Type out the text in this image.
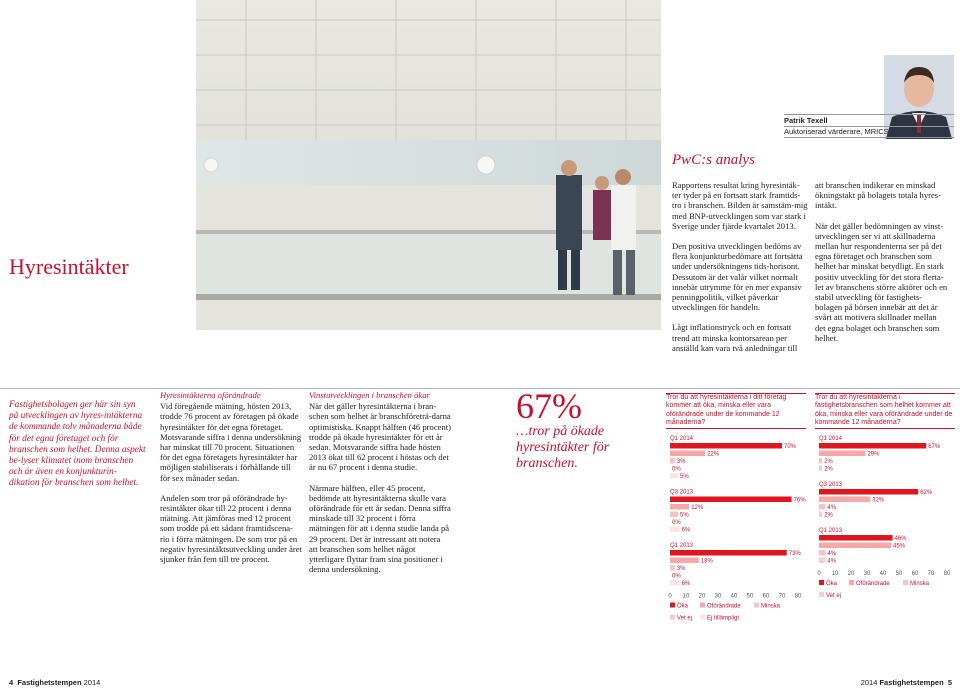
Patrik Texell
Auktoriserad värderare, MRICS
Hyresintäkter
PwC:s analys

Rapportens resultat kring hyresintäk-ter tyder på en fortsatt stark framtids-tro i branschen. Bilden är samstäm-mig med BNP-utvecklingen som var stark i Sverige under fjärde kvartalet 2013.

Den positiva utvecklingen bedöms av flera konjunkturbedömare att fortsätta under undersökningens tids-horisont. Dessutom är det valår vilket normalt innebär utrymme för en mer expansiv penningpolitik, vilket påverkar utvecklingen för handeln.

Lågt inflationstryck och en fortsatt trend att minska kontorsarean per anställd kan vara två anledningar till

att branschen indikerar en minskad ökningstakt på bolagets totala hyres-intäkt.

När det gäller bedömningen av vinst-utvecklingen ser vi att skillnaderna mellan hur respondenterna ser på det egna företaget och branschen som helhet har minskat betydligt. En stark positiv utveckling för det stora flerta-let av branschens större aktörer och en stabil utveckling för fastighets-bolagen på börsen innebär att det är svårt att motivera skillnader mellan det egna bolaget och branschen som helhet.

Fastighetsbolagen ger här sin syn på utvecklingen av hyres-intäkterna de kommande tolv månaderna både för det egna företaget och för branschen som helhet. Denna aspekt be-lyser klimatet inom branschen och är även en konjunkturin-dikation för branschen som helhet.
Hyresintäkterna oförändrade

Vid föregående mätning, hösten 2013, trodde 76 procent av företagen på ökade hyresintäkter för det egna företaget. Motsvarande siffra i denna undersökning har minskat till 70 procent. Situationen för det egna företagets hyresintäkter har möjligen stabiliserats i förhållande till för sex månader sedan.

Andelen som tror på oförändrade hy-resintäkter ökar till 22 procent i denna mätning. Att jämföras med 12 procent som trodde på ett sådant framtidscena-rio i förra mätningen. De som tror på en negativ hyresintäktsutveckling under året sjunker från fem till tre procent.

Vinstutvecklingen i branschen ökar

När det gäller hyresintäkterna i bran-schen som helhet är branschföreträ-darna optimistiska. Knappt hälften (46 procent) trodde på ökade hyresintäkter för ett år sedan. Motsvarande siffra hade hösten 2013 ökat till 62 procent i höstas och det är nu 67 procent i denna studie.

Närmare hälften, eller 45 procent, bedömde att hyresintäkterna skulle vara oförändrade för ett år sedan. Denna siffra minskade till 32 procent i förra mätningen för att i denna studie landa på 29 procent. Det är intressant att notera att branschen som helhet något ytterligare flyttar fram sina positioner i denna undersökning.

67%
…tror på ökade hyresintäkter för branschen.
Tror du att hyresintäkterna i ditt företag kommer att öka, minska eller vara oförändrade under de kommande 12 månaderna?
Q1 2014
70%
22%
3%
0%
5%
Q3 2013
76%
12%
5%
0%
6%
Q1 2013
73%
18%
3%
0%
6%
0 10 20 30 40 50 60 70 80
Öka	Oförändrade	Minska
Vet ej Ej tillämpligt
Tror du att hyresintäkterna i fastighetsbranschen som helhet kommer att öka, minska eller vara oförändrade under de kommande 12 månaderna?
Q1 2014
67%
29%
2%
2%
Q3 2013
62%
32%
4%
2%
Q1 2013
46%
45%
4%
4%
0 10 20 30 40 50 60 70 80
Öka	Oförändrade	Minska
Vet ej
4 Fastighetstempen 2014	2014 Fastighetstempen 5
